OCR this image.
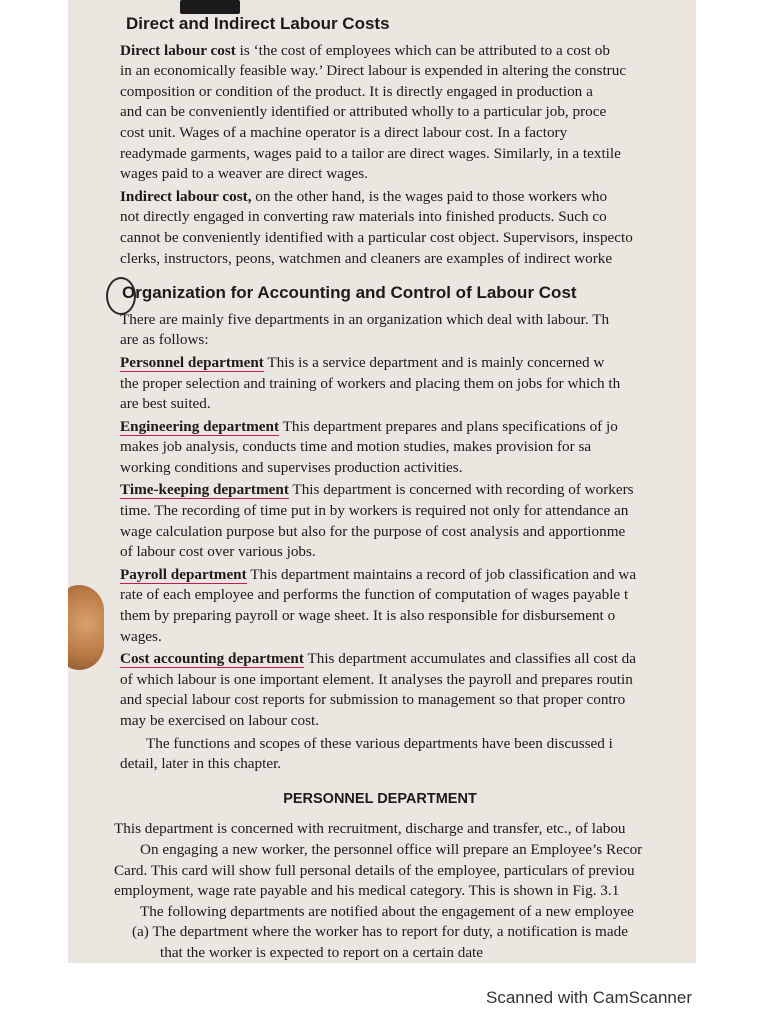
Direct and Indirect Labour Costs

Direct labour cost is ‘the cost of employees which can be attributed to a cost ob
in an economically feasible way.’ Direct labour is expended in altering the construc
composition or condition of the product. It is directly engaged in production a
and can be conveniently identified or attributed wholly to a particular job, proce
cost unit. Wages of a machine operator is a direct labour cost. In a factory
readymade garments, wages paid to a tailor are direct wages. Similarly, in a textile
wages paid to a weaver are direct wages.

Indirect labour cost, on the other hand, is the wages paid to those workers who
not directly engaged in converting raw materials into finished products. Such co
cannot be conveniently identified with a particular cost object. Supervisors, inspecto
clerks, instructors, peons, watchmen and cleaners are examples of indirect worke

Organization for Accounting and Control of Labour Cost

There are mainly five departments in an organization which deal with labour. Th
are as follows:

Personnel department This is a service department and is mainly concerned w
the proper selection and training of workers and placing them on jobs for which th
are best suited.

Engineering department This department prepares and plans specifications of jo
makes job analysis, conducts time and motion studies, makes provision for sa
working conditions and supervises production activities.

Time-keeping department This department is concerned with recording of workers
time. The recording of time put in by workers is required not only for attendance an
wage calculation purpose but also for the purpose of cost analysis and apportionme
of labour cost over various jobs.

Payroll department This department maintains a record of job classification and wa
rate of each employee and performs the function of computation of wages payable t
them by preparing payroll or wage sheet. It is also responsible for disbursement o
wages.

Cost accounting department This department accumulates and classifies all cost da
of which labour is one important element. It analyses the payroll and prepares routin
and special labour cost reports for submission to management so that proper contro
may be exercised on labour cost.

The functions and scopes of these various departments have been discussed i
detail, later in this chapter.

PERSONNEL DEPARTMENT

This department is concerned with recruitment, discharge and transfer, etc., of labou
On engaging a new worker, the personnel office will prepare an Employee’s Recor
Card. This card will show full personal details of the employee, particulars of previou
employment, wage rate payable and his medical category. This is shown in Fig. 3.1
The following departments are notified about the engagement of a new employee
(a) The department where the worker has to report for duty, a notification is made
that the worker is expected to report on a certain date

Scanned with CamScanner
